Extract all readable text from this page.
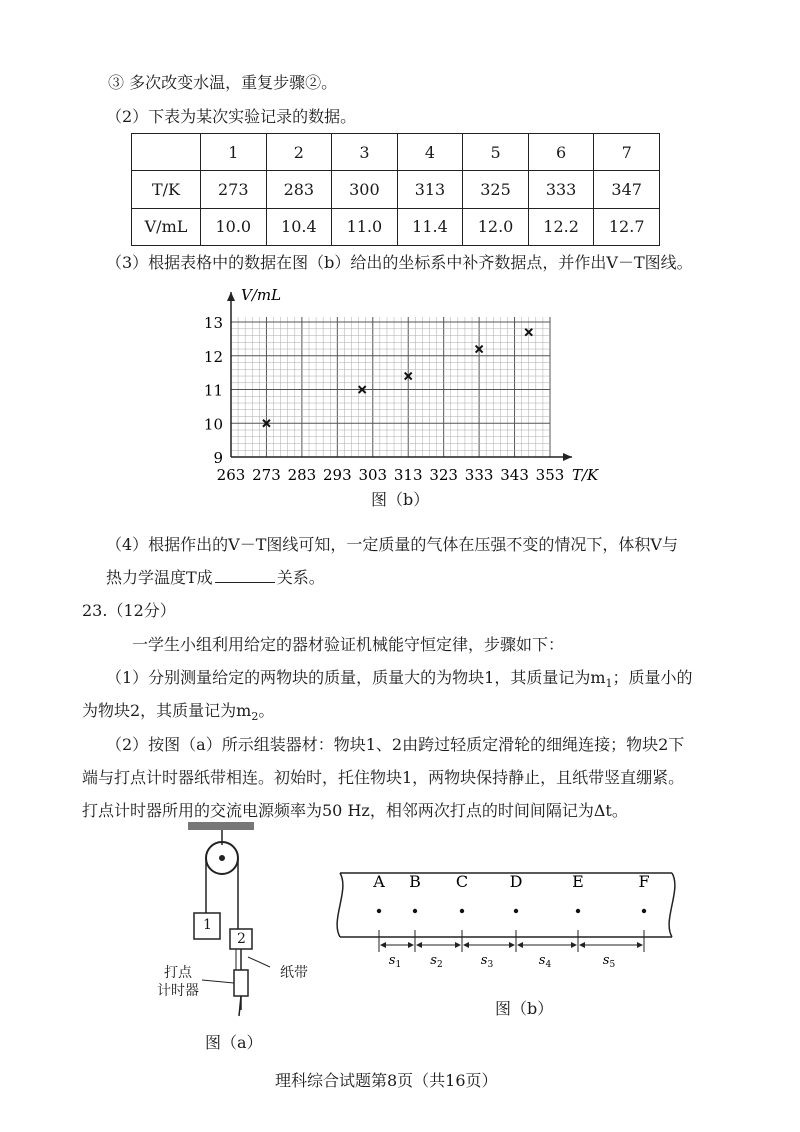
③ 多次改变水温，重复步骤②。
（2）下表为某次实验记录的数据。
	1	2	3	4	5	6	7
T/K	273	283	300	313	325	333	347
V/mL	10.0	10.4	11.0	11.4	12.0	12.2	12.7
（3）根据表格中的数据在图（b）给出的坐标系中补齐数据点，并作出V－T图线。
V/mL
T/K
263 273 283 293 303 313 323 333 343 353
9
10
11
12
13
图（b）
（4）根据作出的V－T图线可知，一定质量的气体在压强不变的情况下，体积V与
热力学温度T成	关系。
23.（12分）
一学生小组利用给定的器材验证机械能守恒定律，步骤如下：
（1）分别测量给定的两物块的质量，质量大的为物块1，其质量记为$m_1$；质量小的
为物块2，其质量记为$m_2$。
（2）按图（a）所示组装器材：物块1、2由跨过轻质定滑轮的细绳连接；物块2下
端与打点计时器纸带相连。初始时，托住物块1，两物块保持静止，且纸带竖直绷紧。
打点计时器所用的交流电源频率为50 Hz，相邻两次打点的时间间隔记为Δt。
1
2
打点
计时器
纸带
图（a）
A B C	D	E	F
$s_1$ $s_2$	$s_3$	$s_4$	$s_5$
图（b）
理科综合试题第8页（共16页）
